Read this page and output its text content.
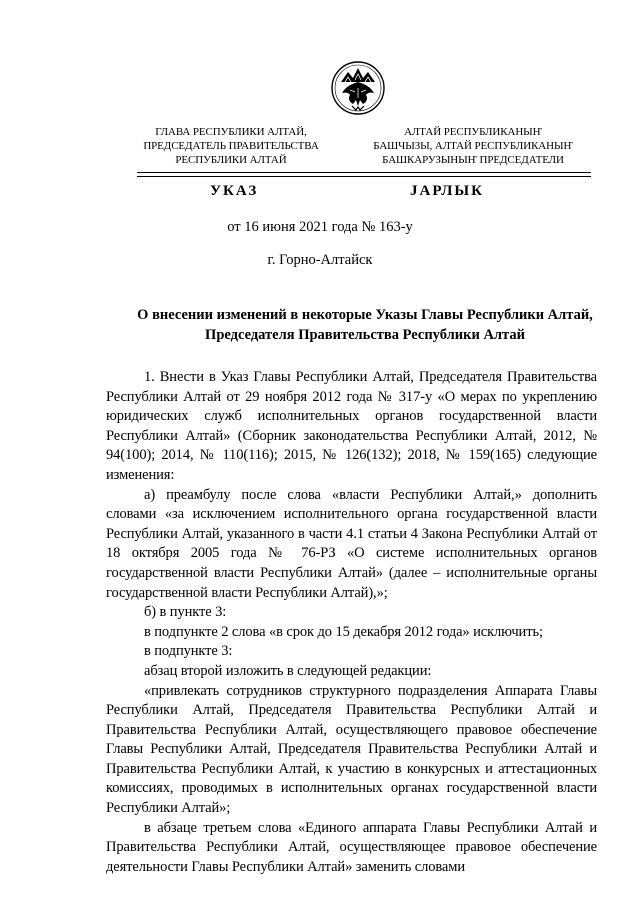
ГЛАВА РЕСПУБЛИКИ АЛТАЙ,
ПРЕДСЕДАТЕЛЬ ПРАВИТЕЛЬСТВА
РЕСПУБЛИКИ АЛТАЙ
АЛТАЙ РЕСПУБЛИКАНЫҤ
БАШЧЫЗЫ, АЛТАЙ РЕСПУБЛИКАНЫҤ
БАШКАРУЗЫНЫҤ ПРЕДСЕДАТЕЛИ
УКАЗ	JАРЛЫК
от 16 июня 2021 года № 163-у
г. Горно-Алтайск
О внесении изменений в некоторые Указы Главы Республики Алтай,
Председателя Правительства Республики Алтай

1. Внести в Указ Главы Республики Алтай, Председателя Правительства Республики Алтай от 29 ноября 2012 года № 317-у «О мерах по укреплению юридических служб исполнительных органов государственной власти Республики Алтай» (Сборник законодательства Республики Алтай, 2012, № 94(100); 2014, № 110(116); 2015, № 126(132); 2018, № 159(165) следующие изменения:

а) преамбулу после слова «власти Республики Алтай,» дополнить словами «за исключением исполнительного органа государственной власти Республики Алтай, указанного в части 4.1 статьи 4 Закона Республики Алтай от 18 октября 2005 года № 76-РЗ «О системе исполнительных органов государственной власти Республики Алтай» (далее – исполнительные органы государственной власти Республики Алтай),»;

б) в пункте 3:

в подпункте 2 слова «в срок до 15 декабря 2012 года» исключить;

в подпункте 3:

абзац второй изложить в следующей редакции:

«привлекать сотрудников структурного подразделения Аппарата Главы Республики Алтай, Председателя Правительства Республики Алтай и Правительства Республики Алтай, осуществляющего правовое обеспечение Главы Республики Алтай, Председателя Правительства Республики Алтай и Правительства Республики Алтай, к участию в конкурсных и аттестационных комиссиях, проводимых в исполнительных органах государственной власти Республики Алтай»;

в абзаце третьем слова «Единого аппарата Главы Республики Алтай и Правительства Республики Алтай, осуществляющее правовое обеспечение деятельности Главы Республики Алтай» заменить словами
